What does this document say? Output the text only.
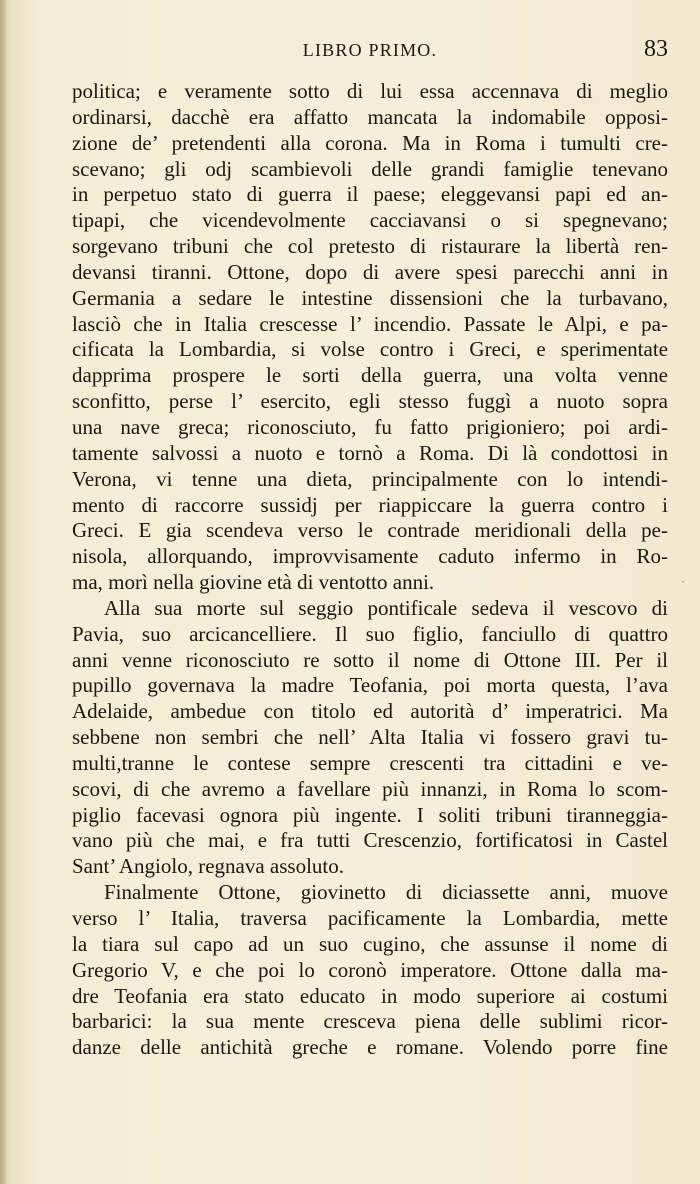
LIBRO PRIMO.	83
politica; e veramente sotto di lui essa accennava di meglio
ordinarsi, dacchè era affatto mancata la indomabile opposi-
zione de’ pretendenti alla corona. Ma in Roma i tumulti cre-
scevano; gli odj scambievoli delle grandi famiglie tenevano
in perpetuo stato di guerra il paese; eleggevansi papi ed an-
tipapi, che vicendevolmente cacciavansi o si spegnevano;
sorgevano tribuni che col pretesto di ristaurare la libertà ren-
devansi tiranni. Ottone, dopo di avere spesi parecchi anni in
Germania a sedare le intestine dissensioni che la turbavano,
lasciò che in Italia crescesse l’ incendio. Passate le Alpi, e pa-
cificata la Lombardia, si volse contro i Greci, e sperimentate
dapprima prospere le sorti della guerra, una volta venne
sconfitto, perse l’ esercito, egli stesso fuggì a nuoto sopra
una nave greca; riconosciuto, fu fatto prigioniero; poi ardi-
tamente salvossi a nuoto e tornò a Roma. Di là condottosi in
Verona, vi tenne una dieta, principalmente con lo intendi-
mento di raccorre sussidj per riappiccare la guerra contro i
Greci. E gia scendeva verso le contrade meridionali della pe-
nisola, allorquando, improvvisamente caduto infermo in Ro-
ma, morì nella giovine età di ventotto anni.
Alla sua morte sul seggio pontificale sedeva il vescovo di
Pavia, suo arcicancelliere. Il suo figlio, fanciullo di quattro
anni venne riconosciuto re sotto il nome di Ottone III. Per il
pupillo governava la madre Teofania, poi morta questa, l’ava
Adelaide, ambedue con titolo ed autorità d’ imperatrici. Ma
sebbene non sembri che nell’ Alta Italia vi fossero gravi tu-
multi,tranne le contese sempre crescenti tra cittadini e ve-
scovi, di che avremo a favellare più innanzi, in Roma lo scom-
piglio facevasi ognora più ingente. I soliti tribuni tiranneggia-
vano più che mai, e fra tutti Crescenzio, fortificatosi in Castel
Sant’ Angiolo, regnava assoluto.
Finalmente Ottone, giovinetto di diciassette anni, muove
verso l’ Italia, traversa pacificamente la Lombardia, mette
la tiara sul capo ad un suo cugino, che assunse il nome di
Gregorio V, e che poi lo coronò imperatore. Ottone dalla ma-
dre Teofania era stato educato in modo superiore ai costumi
barbarici: la sua mente cresceva piena delle sublimi ricor-
danze delle antichità greche e romane. Volendo porre fine
·
